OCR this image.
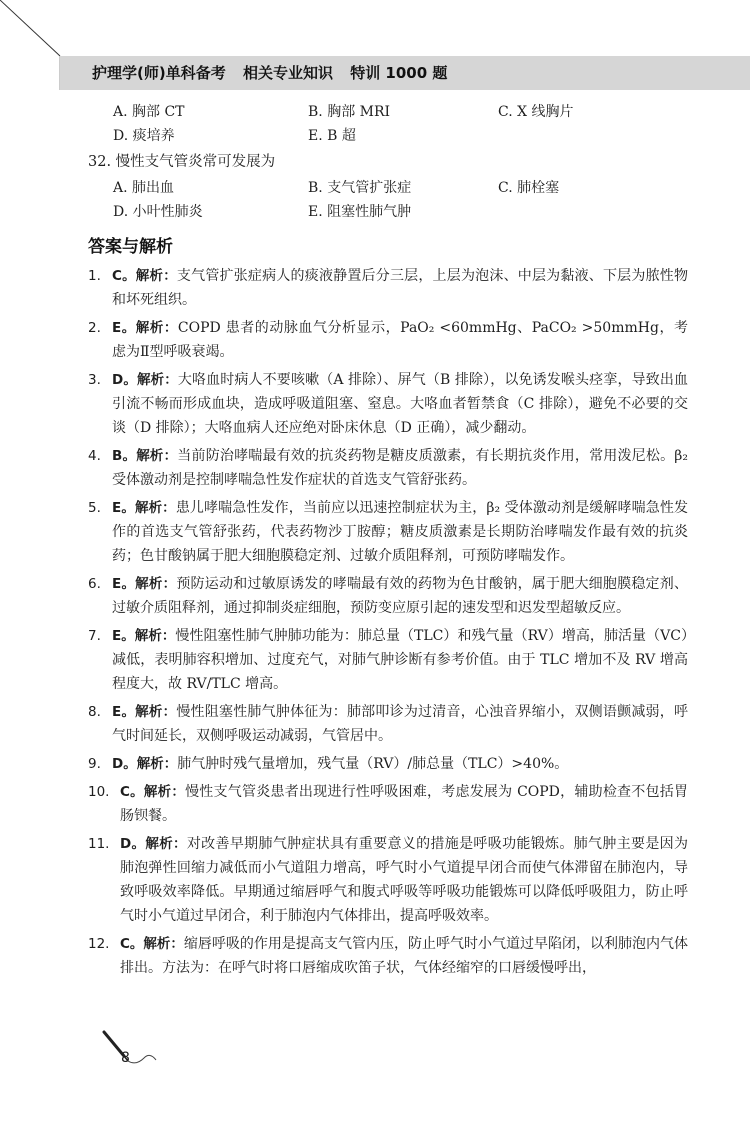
护理学(师)单科备考 相关专业知识 特训 1000 题
A. 胸部 CT	B. 胸部 MRI	C. X 线胸片
D. 痰培养	E. B 超
32. 慢性支气管炎常可发展为
A. 肺出血	B. 支气管扩张症	C. 肺栓塞
D. 小叶性肺炎	E. 阻塞性肺气肿
答案与解析
1. C。解析：支气管扩张症病人的痰液静置后分三层，上层为泡沫、中层为黏液、下层为脓性物和坏死组织。
2. E。解析：COPD 患者的动脉血气分析显示，PaO₂ <60mmHg、PaCO₂ >50mmHg，考虑为Ⅱ型呼吸衰竭。
3. D。解析：大咯血时病人不要咳嗽（A 排除）、屏气（B 排除），以免诱发喉头痉挛，导致出血引流不畅而形成血块，造成呼吸道阻塞、窒息。大咯血者暂禁食（C 排除），避免不必要的交谈（D 排除）；大咯血病人还应绝对卧床休息（D 正确），减少翻动。
4. B。解析：当前防治哮喘最有效的抗炎药物是糖皮质激素，有长期抗炎作用，常用泼尼松。β₂ 受体激动剂是控制哮喘急性发作症状的首选支气管舒张药。
5. E。解析：患儿哮喘急性发作，当前应以迅速控制症状为主，β₂ 受体激动剂是缓解哮喘急性发作的首选支气管舒张药，代表药物沙丁胺醇；糖皮质激素是长期防治哮喘发作最有效的抗炎药；色甘酸钠属于肥大细胞膜稳定剂、过敏介质阻释剂，可预防哮喘发作。
6. E。解析：预防运动和过敏原诱发的哮喘最有效的药物为色甘酸钠，属于肥大细胞膜稳定剂、过敏介质阻释剂，通过抑制炎症细胞，预防变应原引起的速发型和迟发型超敏反应。
7. E。解析：慢性阻塞性肺气肿肺功能为：肺总量（TLC）和残气量（RV）增高，肺活量（VC）减低，表明肺容积增加、过度充气，对肺气肿诊断有参考价值。由于 TLC 增加不及 RV 增高程度大，故 RV/TLC 增高。
8. E。解析：慢性阻塞性肺气肿体征为：肺部叩诊为过清音，心浊音界缩小，双侧语颤减弱，呼气时间延长，双侧呼吸运动减弱，气管居中。
9. D。解析：肺气肿时残气量增加，残气量（RV）/肺总量（TLC）>40%。
10. C。解析：慢性支气管炎患者出现进行性呼吸困难，考虑发展为 COPD，辅助检查不包括胃肠钡餐。
11. D。解析：对改善早期肺气肿症状具有重要意义的措施是呼吸功能锻炼。肺气肿主要是因为肺泡弹性回缩力减低而小气道阻力增高，呼气时小气道提早闭合而使气体滞留在肺泡内，导致呼吸效率降低。早期通过缩唇呼气和腹式呼吸等呼吸功能锻炼可以降低呼吸阻力，防止呼气时小气道过早闭合，利于肺泡内气体排出，提高呼吸效率。
12. C。解析：缩唇呼吸的作用是提高支气管内压，防止呼气时小气道过早陷闭，以利肺泡内气体排出。方法为：在呼气时将口唇缩成吹笛子状，气体经缩窄的口唇缓慢呼出，
8
